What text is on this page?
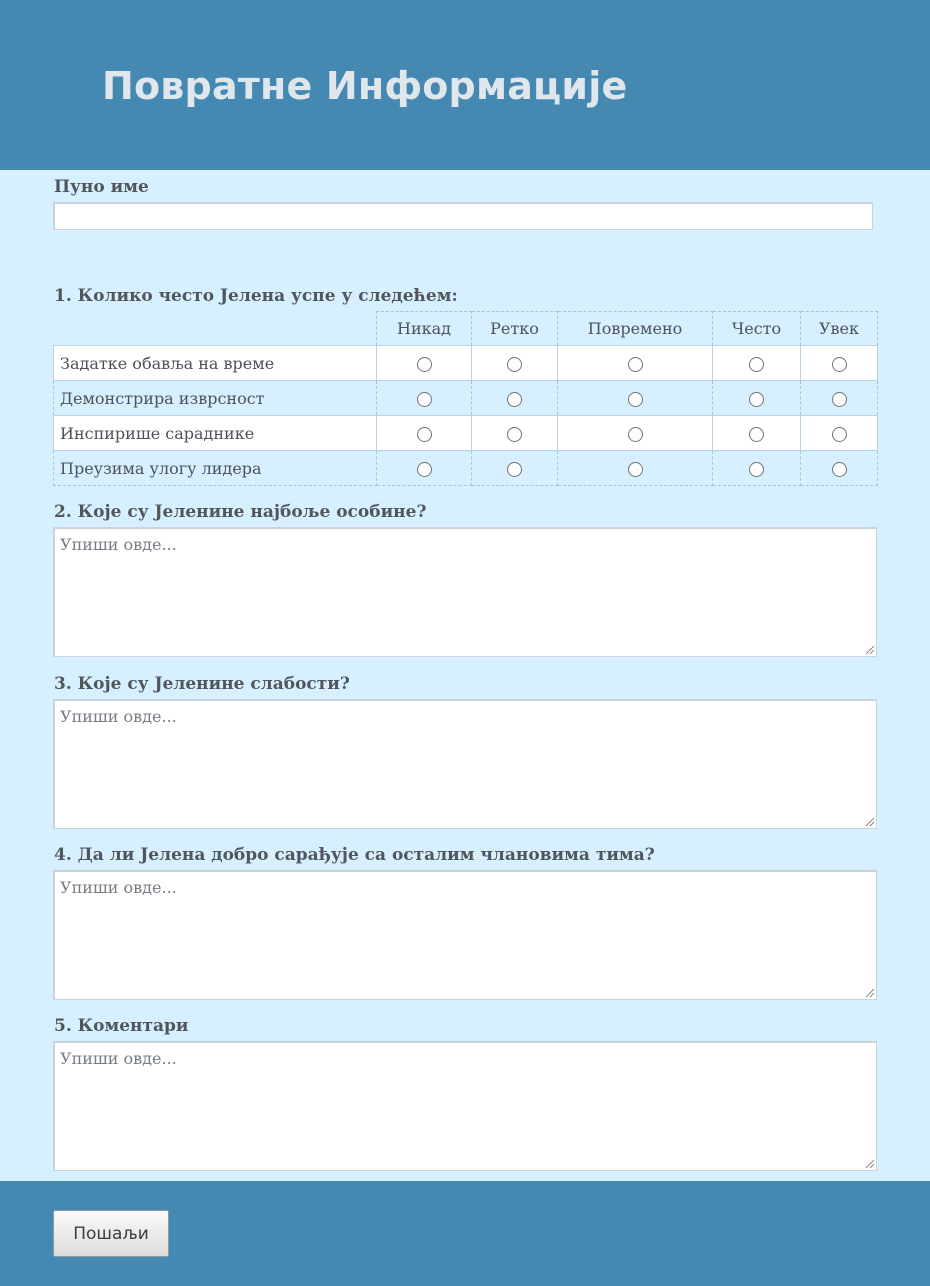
Повратне Информације
Пуно име
1. Колико често Јелена успе у следећем:
	Никад	Ретко	Повремено	Често	Увек
Задатке обавља на време					
Демонстрира изврсност					
Инспирише сараднике					
Преузима улогу лидера					
2. Које су Јеленине најбоље особине?
Упиши овде...
3. Које су Јеленине слабости?
Упиши овде...
4. Да ли Јелена добро сарађује са осталим члановима тима?
Упиши овде...
5. Коментари
Упиши овде...
Пошаљи
